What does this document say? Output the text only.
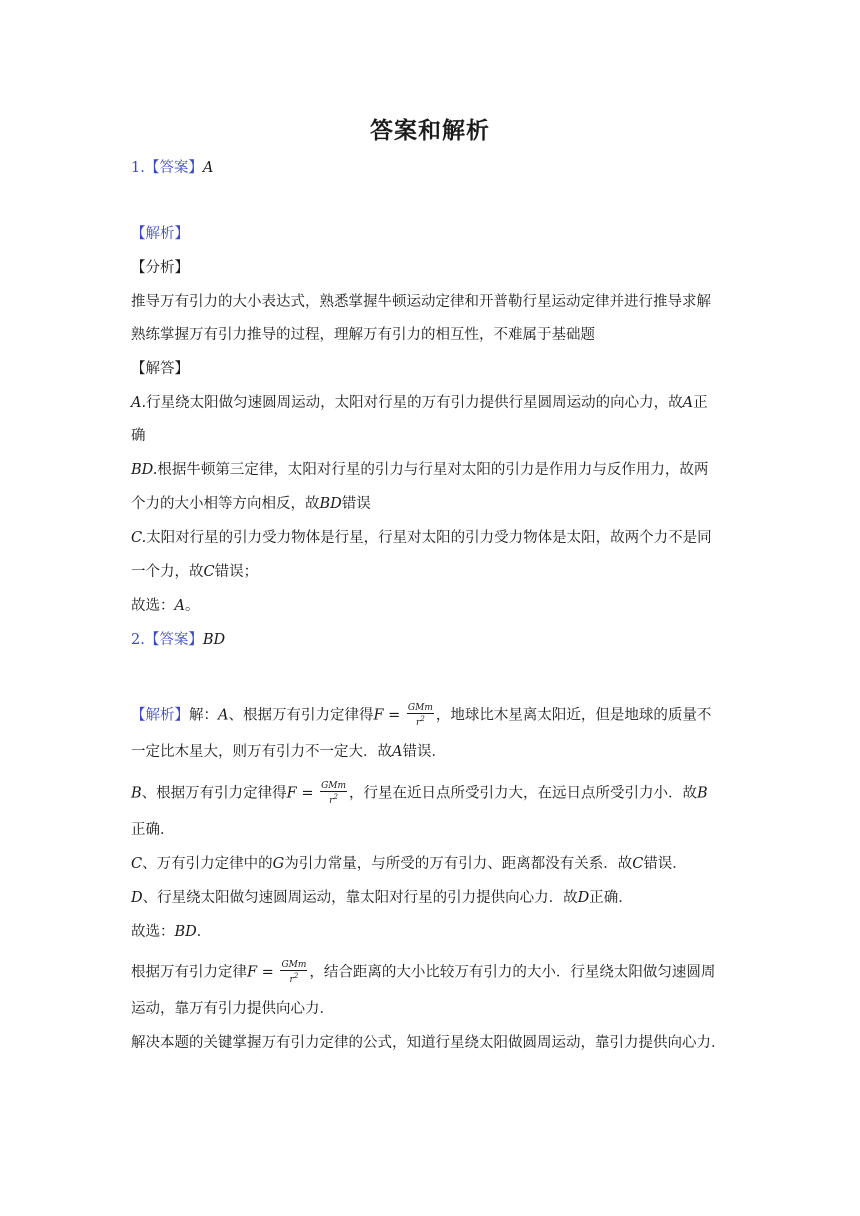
答案和解析
1.【答案】A
【解析】
【分析】
推导万有引力的大小表达式，熟悉掌握牛顿运动定律和开普勒行星运动定律并进行推导求解
熟练掌握万有引力推导的过程，理解万有引力的相互性，不难属于基础题
【解答】
A.行星绕太阳做匀速圆周运动，太阳对行星的万有引力提供行星圆周运动的向心力，故A正
确
BD.根据牛顿第三定律，太阳对行星的引力与行星对太阳的引力是作用力与反作用力，故两
个力的大小相等方向相反，故BD错误
C.太阳对行星的引力受力物体是行星，行星对太阳的引力受力物体是太阳，故两个力不是同
一个力，故C错误；
故选：A。
2.【答案】BD
【解析】解：A、根据万有引力定律得$F = \frac{\text{GMm}}{r^2}$ ，地球比木星离太阳近，但是地球的质量不
一定比木星大，则万有引力不一定大．故A错误．
B、根据万有引力定律得$F = \frac{\text{GMm}}{r^2}$ ，行星在近日点所受引力大，在远日点所受引力小．故B
正确．
C、万有引力定律中的G为引力常量，与所受的万有引力、距离都没有关系．故C错误．
D、行星绕太阳做匀速圆周运动，靠太阳对行星的引力提供向心力．故D正确．
故选：BD．
根据万有引力定律$F = \frac{\text{GMm}}{r^2}$ ，结合距离的大小比较万有引力的大小．行星绕太阳做匀速圆周
运动，靠万有引力提供向心力．
解决本题的关键掌握万有引力定律的公式，知道行星绕太阳做圆周运动，靠引力提供向心力．
